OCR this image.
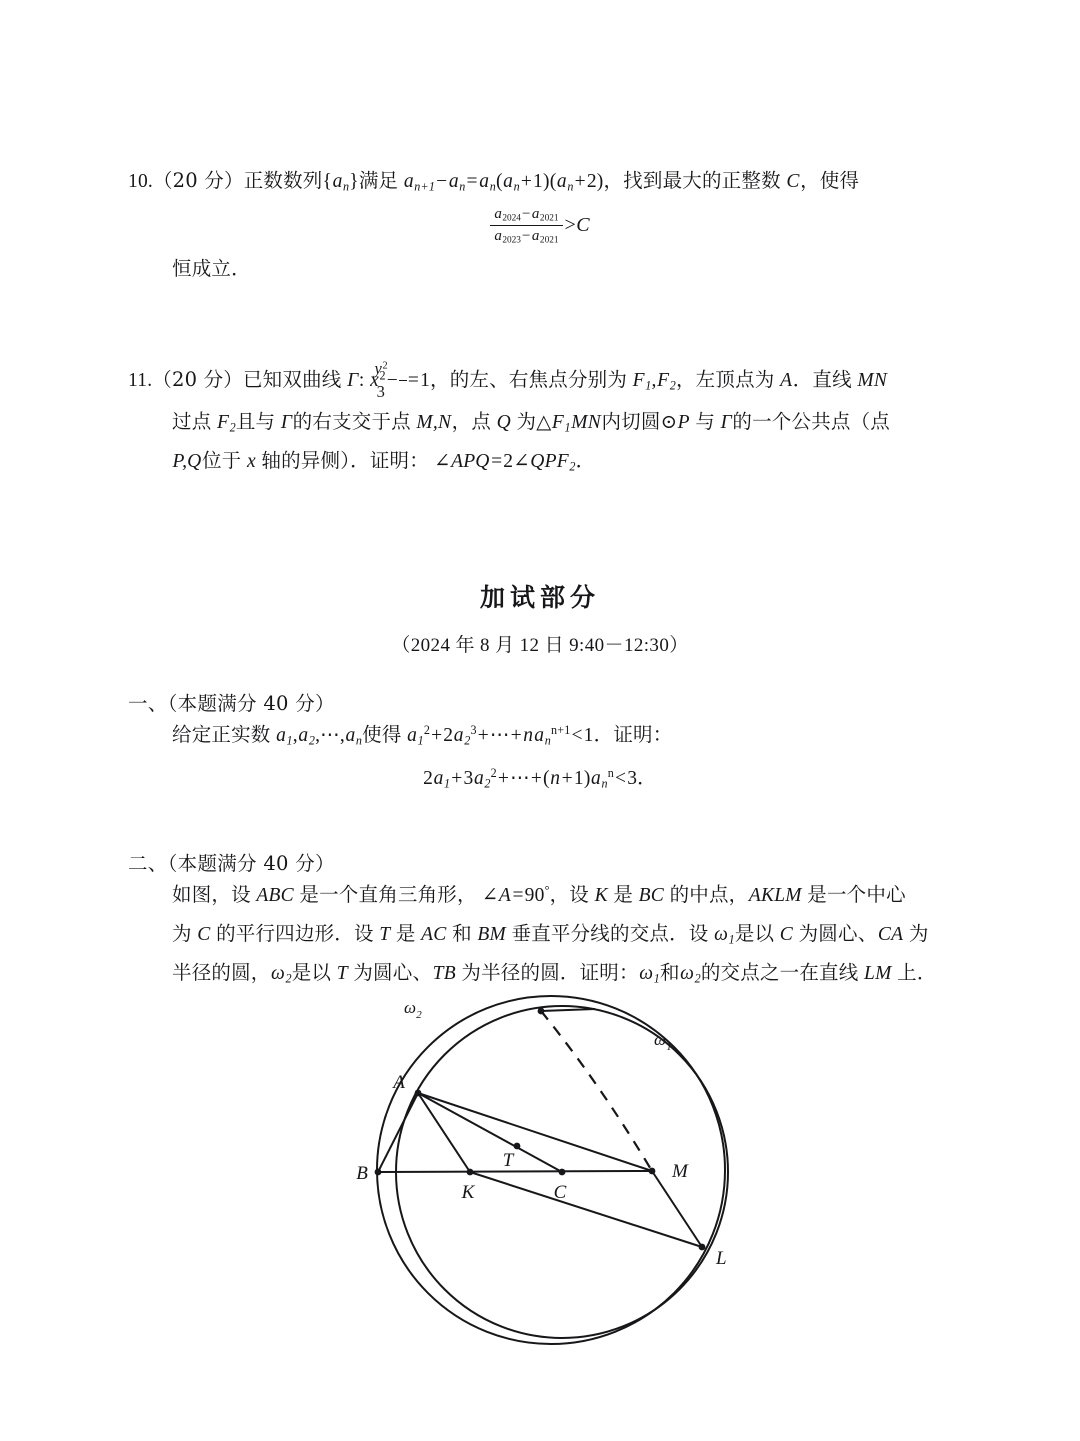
10.（20 分）正数数列$\{a_n\}$满足 $a_{n+1}-a_n=a_n(a_n+1)(a_n+2)$，找到最大的正整数 C，使得

$\frac{a_{2024}- a_{2021}}{a_{2023}- a_{2021}} >C$

恒成立．

11.（20 分）已知双曲线 Γ: $x^2- \frac{y^2}{3} =1$，的左、右焦点分别为 $F_1,F_2$，左顶点为 A．直线 MN

过点 $F_2$且与 Γ的右支交于点 M,N，点 Q 为$\triangle F_1MN$内切圆⊙P 与 Γ的一个公共点（点

P,Q位于 x 轴的异侧）．证明： $\angle APQ=2\angle QPF_2$．

加试部分

（2024 年 8 月 12 日 9:40－12:30）

一、（本题满分 40 分）

给定正实数 $a_1,a_2,\cdots,a_n$使得 $a_1^2+2a_2^3+\cdots+na_n^{n+1}<1$．证明：

$2a_1+3a_2^2+\cdots+(n+1)a_n^n<3$．

二、（本题满分 40 分）

如图，设 ABC 是一个直角三角形， ∠A=90°，设 K 是 BC 的中点，AKLM 是一个中心

为 C 的平行四边形．设 T 是 AC 和 BM 垂直平分线的交点．设 $\omega_1$是以 C 为圆心、CA 为

半径的圆，$\omega_2$是以 T 为圆心、TB 为半径的圆．证明：$\omega_1$和$\omega_2$的交点之一在直线 LM 上．

A
B
K	C
T
M
L
ω 2
ω 1
